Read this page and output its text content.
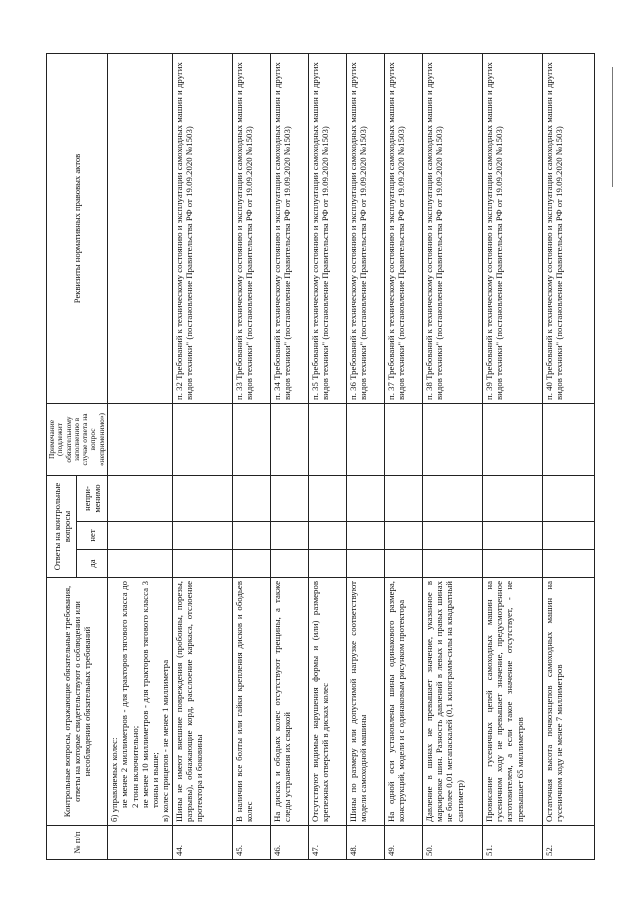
№ п/п	Контрольные вопросы, отражающие обязательные требования, ответы на которые свидетельствуют о соблюдении или несоблюдении обязательных требований	Ответы на контрольные вопросы			Примечание (подлежит обязательному заполнению в случае ответа на вопрос «неприменимо»)	Реквизиты нормативных правовых актов
		да	нет	непри-менимо		

	б) управляемых колес: не менее 2 миллиметров - для тракторов тягового класса до 2 тонн включительно; не менее 10 миллиметров - для тракторов тягового класса 3 тонны и выше; в) колес прицепов - не менее 1 миллиметра					

44.	Шины не имеют внешние повреждения (пробоины, порезы, разрывы), обнажающие корд, расслоение каркаса, отслоение протектора и боковины					п. 32 Требований к техническому состоянию и эксплуатации самоходных машин и других видов техники" (постановление Правительства РФ от 19.09.2020 №1503)
45.	В наличии все болты или гайки крепления дисков и ободьев колес					п. 33 Требований к техническому состоянию и эксплуатации самоходных машин и других видов техники" (постановление Правительства РФ от 19.09.2020 №1503)
46.	На дисках и ободьях колес отсутствуют трещины, а также следы устранения их сваркой					п. 34 Требований к техническому состоянию и эксплуатации самоходных машин и других видов техники" (постановление Правительства РФ от 19.09.2020 №1503)
47.	Отсутствуют видимые нарушения формы и (или) размеров крепежных отверстий в дисках колес					п. 35 Требований к техническому состоянию и эксплуатации самоходных машин и других видов техники" (постановление Правительства РФ от 19.09.2020 №1503)
48.	Шины по размеру или допустимой нагрузке соответствуют модели самоходной машины					п. 36 Требований к техническому состоянию и эксплуатации самоходных машин и других видов техники" (постановление Правительства РФ от 19.09.2020 №1503)
49.	На одной оси установлены шины одинакового размера, конструкций, модели и с одинаковым рисунком протектора					п. 37 Требований к техническому состоянию и эксплуатации самоходных машин и других видов техники" (постановление Правительства РФ от 19.09.2020 №1503)
50.	Давление в шинах не превышает значение, указанное в маркировке шин. Разность давлений в левых и правых шинах не более 0,01 мегапаскалей (0,1 килограмм-силы на квадратный сантиметр)					п. 38 Требований к техническому состоянию и эксплуатации самоходных машин и других видов техники" (постановление Правительства РФ от 19.09.2020 №1503)
51.	Провисание гусеничных цепей самоходных машин на гусеничном ходу не превышает значение, предусмотренное изготовителем, а если такое значение отсутствует, - не превышает 65 миллиметров					п. 39 Требований к техническому состоянию и эксплуатации самоходных машин и других видов техники" (постановление Правительства РФ от 19.09.2020 №1503)
52.	Остаточная высота почвозацепов самоходных машин на гусеничном ходу не менее 7 миллиметров					п. 40 Требований к техническому состоянию и эксплуатации самоходных машин и других видов техники" (постановление Правительства РФ от 19.09.2020 №1503)
